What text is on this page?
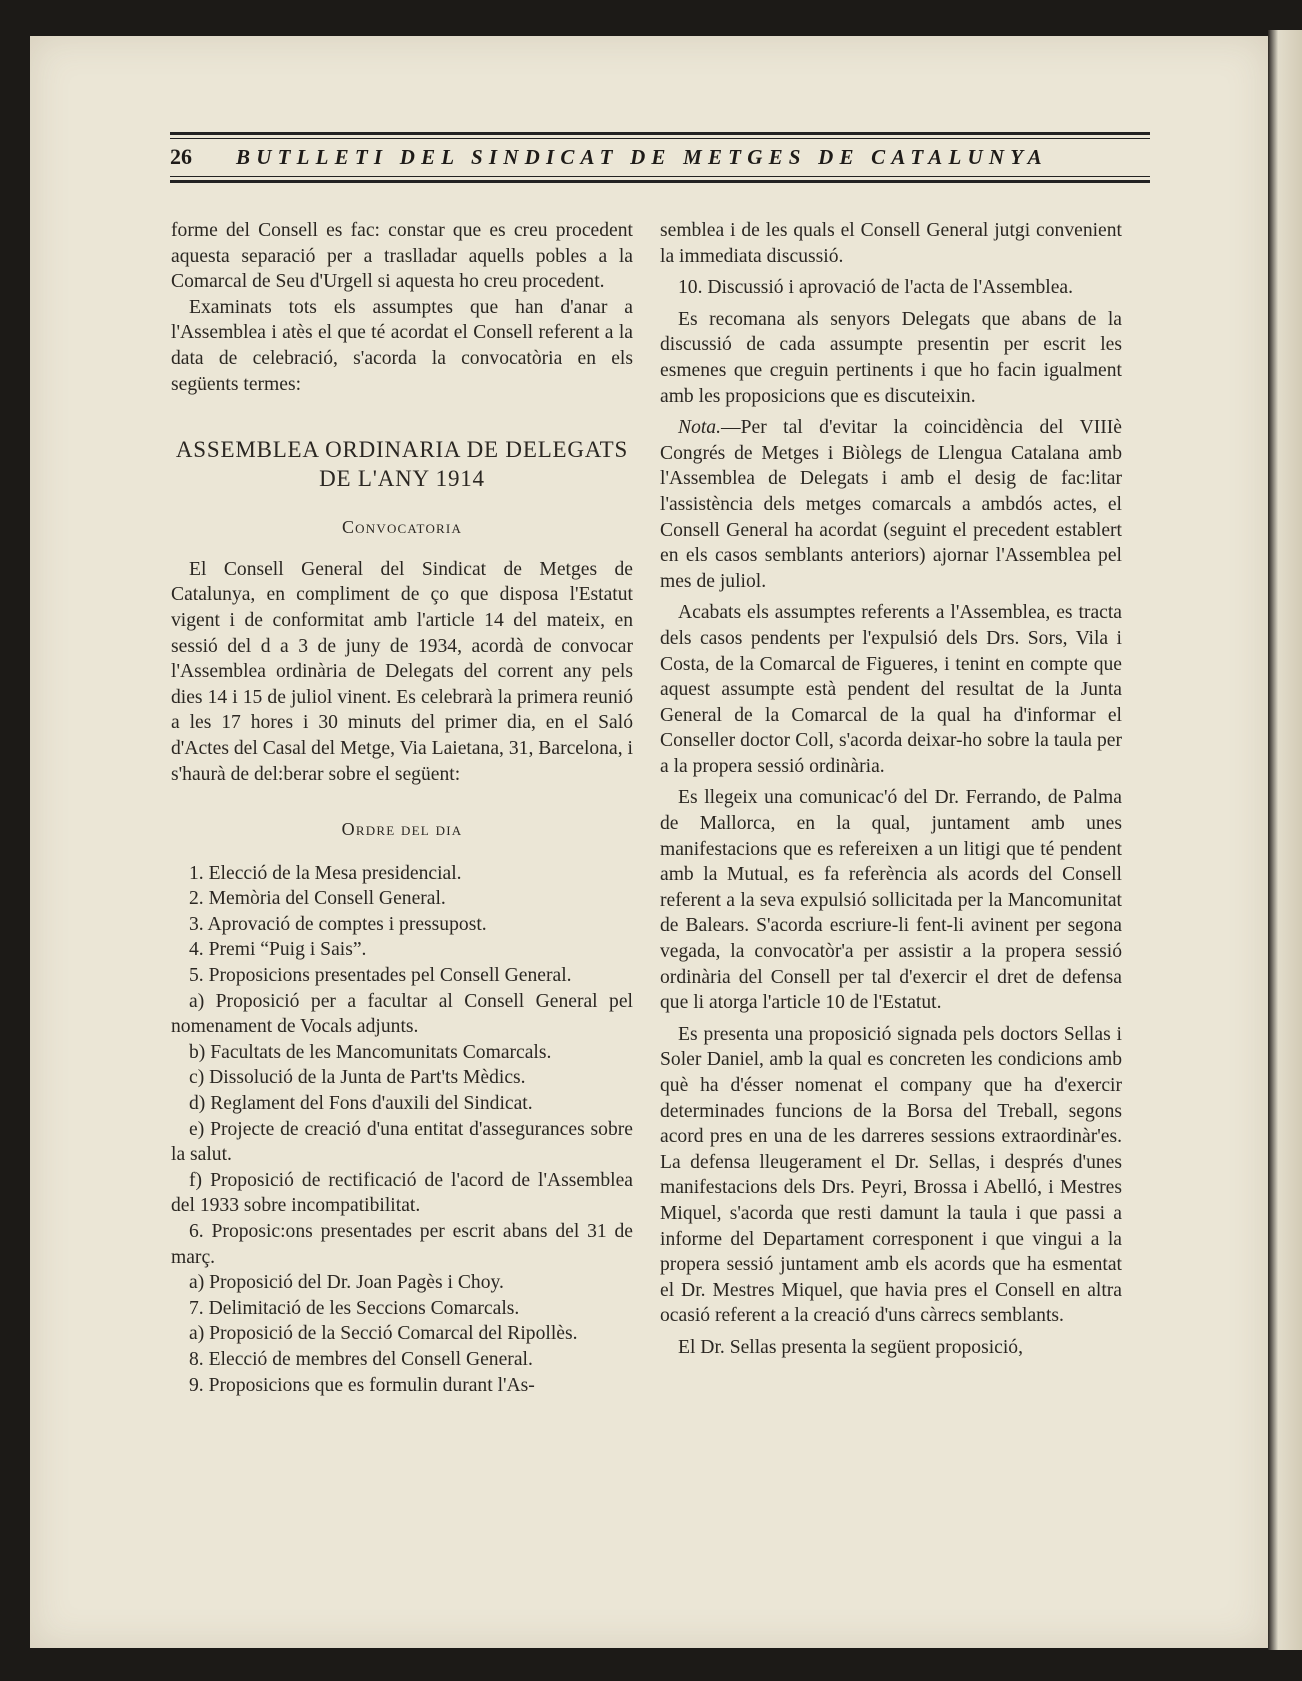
26	BUTLLETI DEL SINDICAT DE METGES DE CATALUNYA

forme del Consell es fac: constar que es creu procedent aquesta separació per a traslladar aquells pobles a la Comarcal de Seu d'Urgell si aquesta ho creu procedent.

Examinats tots els assumptes que han d'anar a l'Assemblea i atès el que té acordat el Consell referent a la data de celebració, s'acorda la convocatòria en els següents termes:

ASSEMBLEA ORDINARIA DE DELEGATS DE L'ANY 1914
Convocatoria

El Consell General del Sindicat de Metges de Catalunya, en compliment de ço que disposa l'Estatut vigent i de conformitat amb l'article 14 del mateix, en sessió del d a 3 de juny de 1934, acordà de convocar l'Assemblea ordinària de Delegats del corrent any pels dies 14 i 15 de juliol vinent. Es celebrarà la primera reunió a les 17 hores i 30 minuts del primer dia, en el Saló d'Actes del Casal del Metge, Via Laietana, 31, Barcelona, i s'haurà de del:berar sobre el següent:

Ordre del dia

1. Elecció de la Mesa presidencial.

2. Memòria del Consell General.

3. Aprovació de comptes i pressupost.

4. Premi “Puig i Sais”.

5. Proposicions presentades pel Consell General.

a) Proposició per a facultar al Consell General pel nomenament de Vocals adjunts.

b) Facultats de les Mancomunitats Comarcals.

c) Dissolució de la Junta de Part'ts Mèdics.

d) Reglament del Fons d'auxili del Sindicat.

e) Projecte de creació d'una entitat d'assegurances sobre la salut.

f) Proposició de rectificació de l'acord de l'Assemblea del 1933 sobre incompatibilitat.

6. Proposic:ons presentades per escrit abans del 31 de març.

a) Proposició del Dr. Joan Pagès i Choy.

7. Delimitació de les Seccions Comarcals.

a) Proposició de la Secció Comarcal del Ripollès.

8. Elecció de membres del Consell General.

9. Proposicions que es formulin durant l'As-

semblea i de les quals el Consell General jutgi convenient la immediata discussió.

10. Discussió i aprovació de l'acta de l'Assemblea.

Es recomana als senyors Delegats que abans de la discussió de cada assumpte presentin per escrit les esmenes que creguin pertinents i que ho facin igualment amb les proposicions que es discuteixin.

Nota.—Per tal d'evitar la coincidència del VIIIè Congrés de Metges i Biòlegs de Llengua Catalana amb l'Assemblea de Delegats i amb el desig de fac:litar l'assistència dels metges comarcals a ambdós actes, el Consell General ha acordat (seguint el precedent establert en els casos semblants anteriors) ajornar l'Assemblea pel mes de juliol.

Acabats els assumptes referents a l'Assemblea, es tracta dels casos pendents per l'expulsió dels Drs. Sors, Vila i Costa, de la Comarcal de Figueres, i tenint en compte que aquest assumpte està pendent del resultat de la Junta General de la Comarcal de la qual ha d'informar el Conseller doctor Coll, s'acorda deixar-ho sobre la taula per a la propera sessió ordinària.

Es llegeix una comunicac'ó del Dr. Ferrando, de Palma de Mallorca, en la qual, juntament amb unes manifestacions que es refereixen a un litigi que té pendent amb la Mutual, es fa referència als acords del Consell referent a la seva expulsió sollicitada per la Mancomunitat de Balears. S'acorda escriure-li fent-li avinent per segona vegada, la convocatòr'a per assistir a la propera sessió ordinària del Consell per tal d'exercir el dret de defensa que li atorga l'article 10 de l'Estatut.

Es presenta una proposició signada pels doctors Sellas i Soler Daniel, amb la qual es concreten les condicions amb què ha d'ésser nomenat el company que ha d'exercir determinades funcions de la Borsa del Treball, segons acord pres en una de les darreres sessions extraordinàr'es. La defensa lleugerament el Dr. Sellas, i després d'unes manifestacions dels Drs. Peyri, Brossa i Abelló, i Mestres Miquel, s'acorda que resti damunt la taula i que passi a informe del Departament corresponent i que vingui a la propera sessió juntament amb els acords que ha esmentat el Dr. Mestres Miquel, que havia pres el Consell en altra ocasió referent a la creació d'uns càrrecs semblants.

El Dr. Sellas presenta la següent proposició,
